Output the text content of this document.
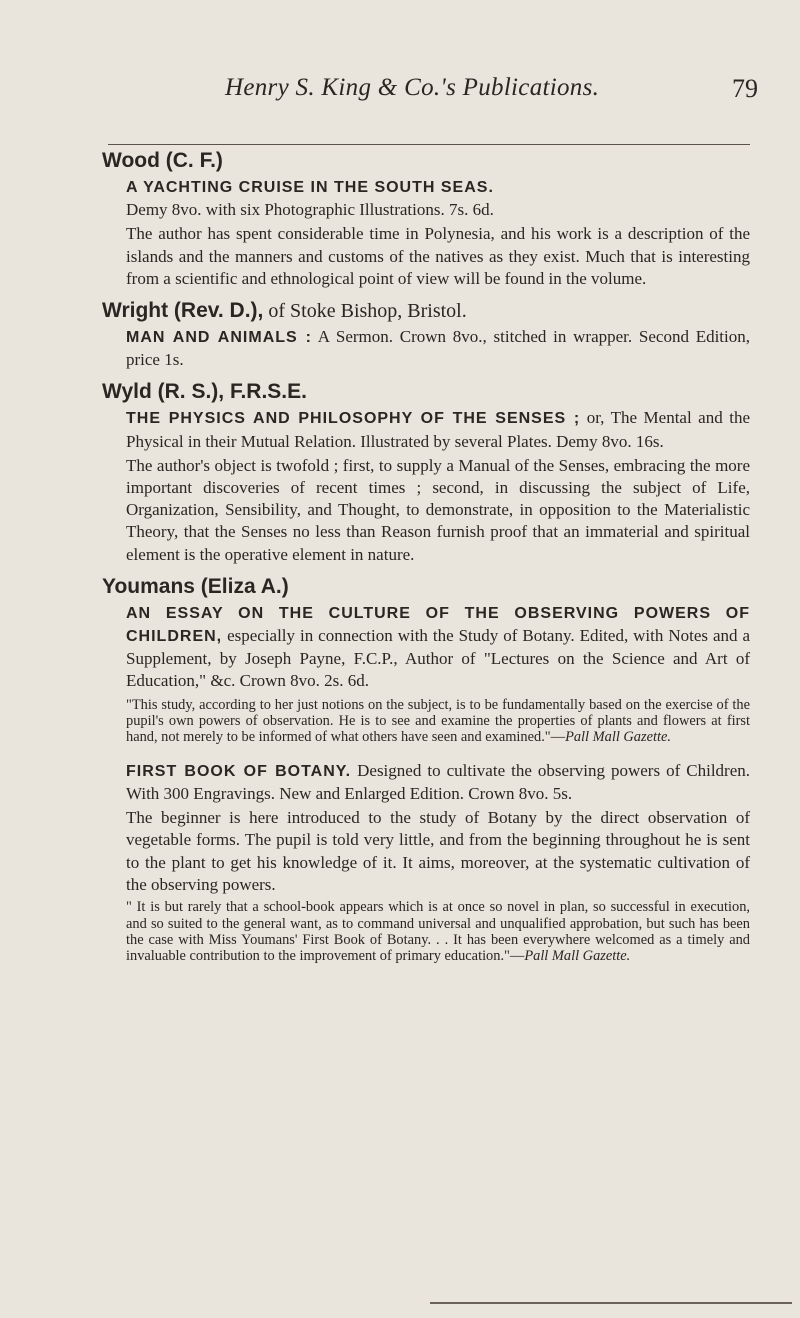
Henry S. King & Co.'s Publications.	79
Wood (C. F.)

A YACHTING CRUISE IN THE SOUTH SEAS.

Demy 8vo. with six Photographic Illustrations. 7s. 6d.

The author has spent considerable time in Polynesia, and his work is a description of the islands and the manners and customs of the natives as they exist. Much that is interesting from a scientific and ethnological point of view will be found in the volume.

Wright (Rev. D.), of Stoke Bishop, Bristol.

MAN AND ANIMALS : A Sermon. Crown 8vo., stitched in wrapper. Second Edition, price 1s.

Wyld (R. S.), F.R.S.E.

THE PHYSICS AND PHILOSOPHY OF THE SENSES ; or, The Mental and the Physical in their Mutual Relation. Illustrated by several Plates. Demy 8vo. 16s.

The author's object is twofold ; first, to supply a Manual of the Senses, embracing the more important discoveries of recent times ; second, in discussing the subject of Life, Organization, Sensibility, and Thought, to demonstrate, in opposition to the Materialistic Theory, that the Senses no less than Reason furnish proof that an immaterial and spiritual element is the operative element in nature.

Youmans (Eliza A.)

AN ESSAY ON THE CULTURE OF THE OBSERVING POWERS OF CHILDREN, especially in connection with the Study of Botany. Edited, with Notes and a Supplement, by Joseph Payne, F.C.P., Author of "Lectures on the Science and Art of Education," &c. Crown 8vo. 2s. 6d.

"This study, according to her just notions on the subject, is to be fundamentally based on the exercise of the pupil's own powers of observation. He is to see and examine the properties of plants and flowers at first hand, not merely to be informed of what others have seen and examined."—Pall Mall Gazette.

FIRST BOOK OF BOTANY. Designed to cultivate the observing powers of Children. With 300 Engravings. New and Enlarged Edition. Crown 8vo. 5s.

The beginner is here introduced to the study of Botany by the direct observation of vegetable forms. The pupil is told very little, and from the beginning throughout he is sent to the plant to get his knowledge of it. It aims, moreover, at the systematic cultivation of the observing powers.

" It is but rarely that a school-book appears which is at once so novel in plan, so successful in execution, and so suited to the general want, as to command universal and unqualified approbation, but such has been the case with Miss Youmans' First Book of Botany. . . It has been everywhere welcomed as a timely and invaluable contribution to the improvement of primary education."—Pall Mall Gazette.
